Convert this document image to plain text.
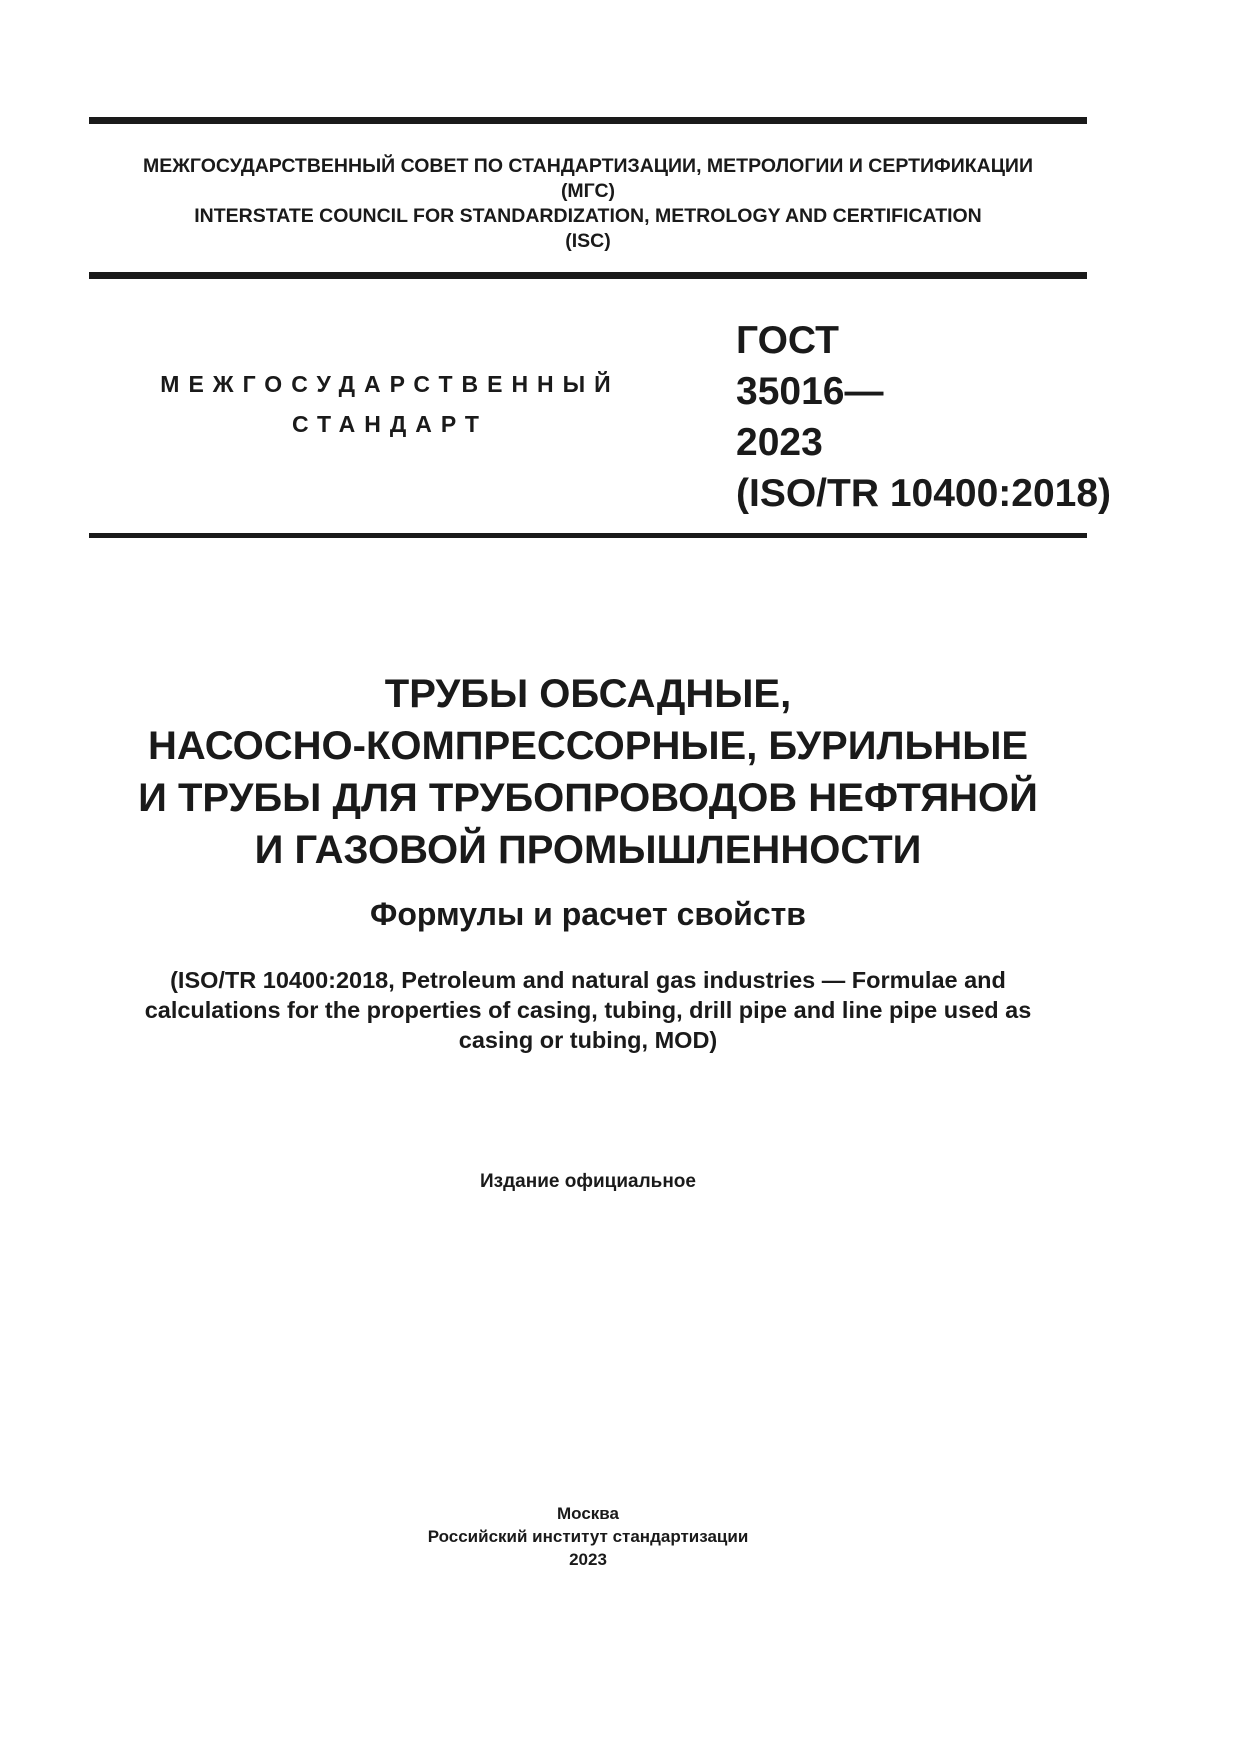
МЕЖГОСУДАРСТВЕННЫЙ СОВЕТ ПО СТАНДАРТИЗАЦИИ, МЕТРОЛОГИИ И СЕРТИФИКАЦИИ
(МГС)
INTERSTATE COUNCIL FOR STANDARDIZATION, METROLOGY AND CERTIFICATION
(ISC)
МЕЖГОСУДАРСТВЕННЫЙ
СТАНДАРТ
ГОСТ
35016—
2023
(ISO/TR 10400:2018)
ТРУБЫ ОБСАДНЫЕ,
НАСОСНО-КОМПРЕССОРНЫЕ, БУРИЛЬНЫЕ
И ТРУБЫ ДЛЯ ТРУБОПРОВОДОВ НЕФТЯНОЙ
И ГАЗОВОЙ ПРОМЫШЛЕННОСТИ
Формулы и расчет свойств
(ISO/TR 10400:2018, Petroleum and natural gas industries — Formulae and
calculations for the properties of casing, tubing, drill pipe and line pipe used as
casing or tubing, MOD)
Издание официальное
Москва
Российский институт стандартизации
2023
